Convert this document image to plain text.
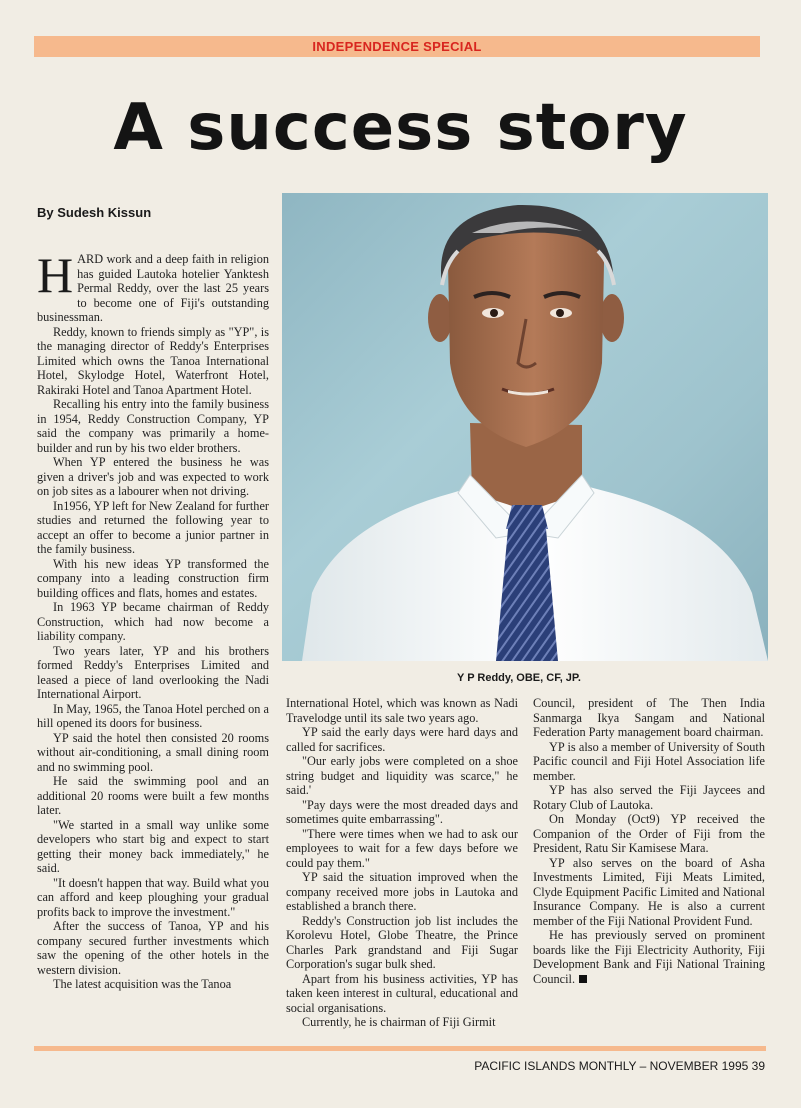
INDEPENDENCE SPECIAL
A success story
By Sudesh Kissun
Y P Reddy, OBE, CF, JP.

HARD work and a deep faith in religion has guided Lautoka hotelier Yanktesh Permal Reddy, over the last 25 years to become one of Fiji's outstanding businessman.

Reddy, known to friends simply as "YP", is the managing director of Reddy's Enterprises Limited which owns the Tanoa International Hotel, Skylodge Hotel, Waterfront Hotel, Rakiraki Hotel and Tanoa Apartment Hotel.

Recalling his entry into the family business in 1954, Reddy Construction Company, YP said the company was primarily a home-builder and run by his two elder brothers.

When YP entered the business he was given a driver's job and was expected to work on job sites as a labourer when not driving.

In1956, YP left for New Zealand for further studies and returned the following year to accept an offer to become a junior partner in the family business.

With his new ideas YP transformed the company into a leading construction firm building offices and flats, homes and estates.

In 1963 YP became chairman of Reddy Construction, which had now become a liability company.

Two years later, YP and his brothers formed Reddy's Enterprises Limited and leased a piece of land overlooking the Nadi International Airport.

In May, 1965, the Tanoa Hotel perched on a hill opened its doors for business.

YP said the hotel then consisted 20 rooms without air-conditioning, a small dining room and no swimming pool.

He said the swimming pool and an additional 20 rooms were built a few months later.

"We started in a small way unlike some developers who start big and expect to start getting their money back immediately," he said.

"It doesn't happen that way. Build what you can afford and keep ploughing your gradual profits back to improve the investment."

After the success of Tanoa, YP and his company secured further investments which saw the opening of the other hotels in the western division.

The latest acquisition was the Tanoa

International Hotel, which was known as Nadi Travelodge until its sale two years ago.

YP said the early days were hard days and called for sacrifices.

"Our early jobs were completed on a shoe string budget and liquidity was scarce," he said.'

"Pay days were the most dreaded days and sometimes quite embarrassing".

"There were times when we had to ask our employees to wait for a few days before we could pay them."

YP said the situation improved when the company received more jobs in Lautoka and established a branch there.

Reddy's Construction job list includes the Korolevu Hotel, Globe Theatre, the Prince Charles Park grandstand and Fiji Sugar Corporation's sugar bulk shed.

Apart from his business activities, YP has taken keen interest in cultural, educational and social organisations.

Currently, he is chairman of Fiji Girmit

Council, president of The Then India Sanmarga Ikya Sangam and National Federation Party management board chairman.

YP is also a member of University of South Pacific council and Fiji Hotel Association life member.

YP has also served the Fiji Jaycees and Rotary Club of Lautoka.

On Monday (Oct9) YP received the Companion of the Order of Fiji from the President, Ratu Sir Kamisese Mara.

YP also serves on the board of Asha Investments Limited, Fiji Meats Limited, Clyde Equipment Pacific Limited and National Insurance Company. He is also a current member of the Fiji National Provident Fund.

He has previously served on prominent boards like the Fiji Electricity Authority, Fiji Development Bank and Fiji National Training Council.

PACIFIC ISLANDS MONTHLY – NOVEMBER 1995 39
